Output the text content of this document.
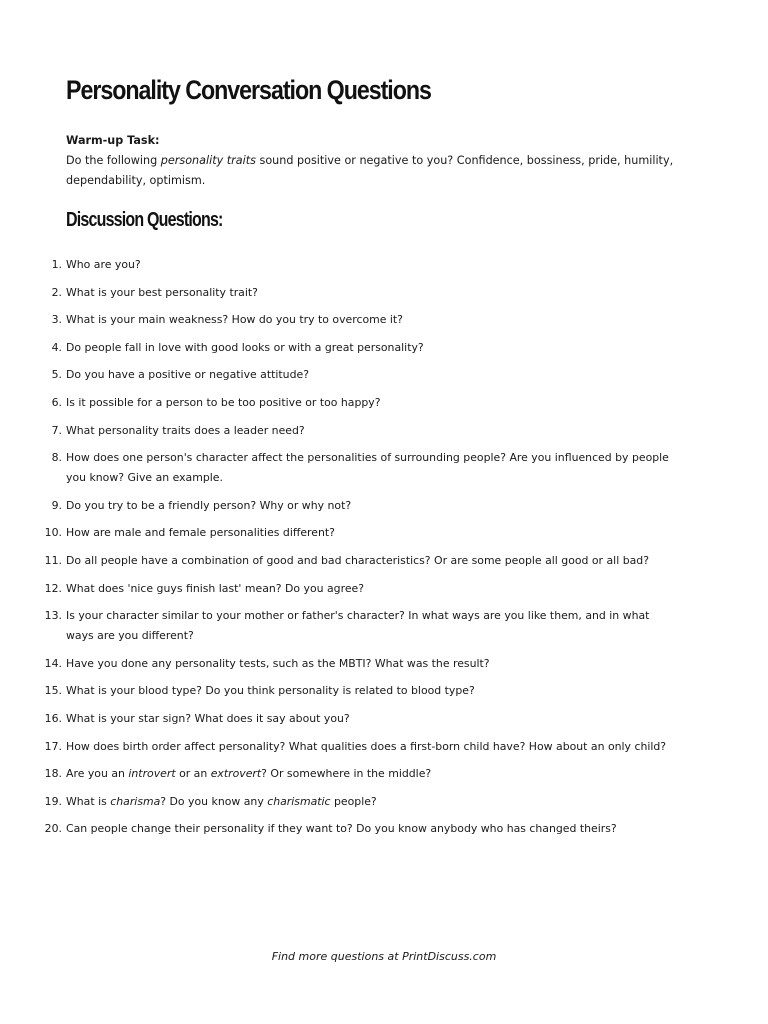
Personality Conversation Questions
Warm-up Task:
Do the following personality traits sound positive or negative to you? Confidence, bossiness, pride, humility, dependability, optimism.
Discussion Questions:
1. Who are you?
2. What is your best personality trait?
3. What is your main weakness? How do you try to overcome it?
4. Do people fall in love with good looks or with a great personality?
5. Do you have a positive or negative attitude?
6. Is it possible for a person to be too positive or too happy?
7. What personality traits does a leader need?
8. How does one person's character affect the personalities of surrounding people? Are you influenced by people you know? Give an example.
9. Do you try to be a friendly person? Why or why not?
10. How are male and female personalities different?
11. Do all people have a combination of good and bad characteristics? Or are some people all good or all bad?
12. What does 'nice guys finish last' mean? Do you agree?
13. Is your character similar to your mother or father's character? In what ways are you like them, and in what ways are you different?
14. Have you done any personality tests, such as the MBTI? What was the result?
15. What is your blood type? Do you think personality is related to blood type?
16. What is your star sign? What does it say about you?
17. How does birth order affect personality? What qualities does a first-born child have? How about an only child?
18. Are you an introvert or an extrovert? Or somewhere in the middle?
19. What is charisma? Do you know any charismatic people?
20. Can people change their personality if they want to? Do you know anybody who has changed theirs?
Find more questions at PrintDiscuss.com
